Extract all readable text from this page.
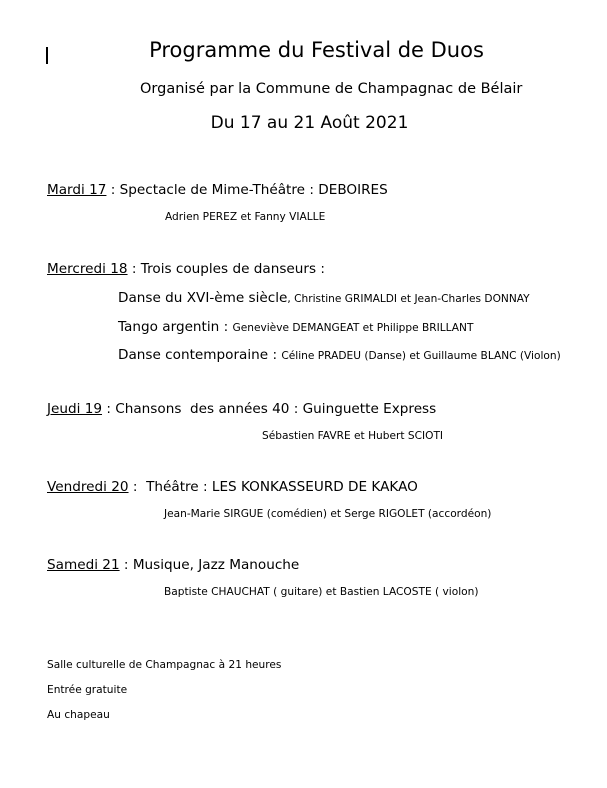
Programme du Festival de Duos
Organisé par la Commune de Champagnac de Bélair
Du 17 au 21 Août 2021
Mardi 17 : Spectacle de Mime-Théâtre : DEBOIRES
Adrien PEREZ et Fanny VIALLE
Mercredi 18 : Trois couples de danseurs :
Danse du XVI-ème siècle, Christine GRIMALDI et Jean-Charles DONNAY
Tango argentin : Geneviève DEMANGEAT et Philippe BRILLANT
Danse contemporaine : Céline PRADEU (Danse) et Guillaume BLANC (Violon)
Jeudi 19 : Chansons  des années 40 : Guinguette Express
Sébastien FAVRE et Hubert SCIOTI
Vendredi 20 :  Théâtre : LES KONKASSEURD DE KAKAO
Jean-Marie SIRGUE (comédien) et Serge RIGOLET (accordéon)
Samedi 21 : Musique, Jazz Manouche
Baptiste CHAUCHAT ( guitare) et Bastien LACOSTE ( violon)
Salle culturelle de Champagnac à 21 heures
Entrée gratuite
Au chapeau
